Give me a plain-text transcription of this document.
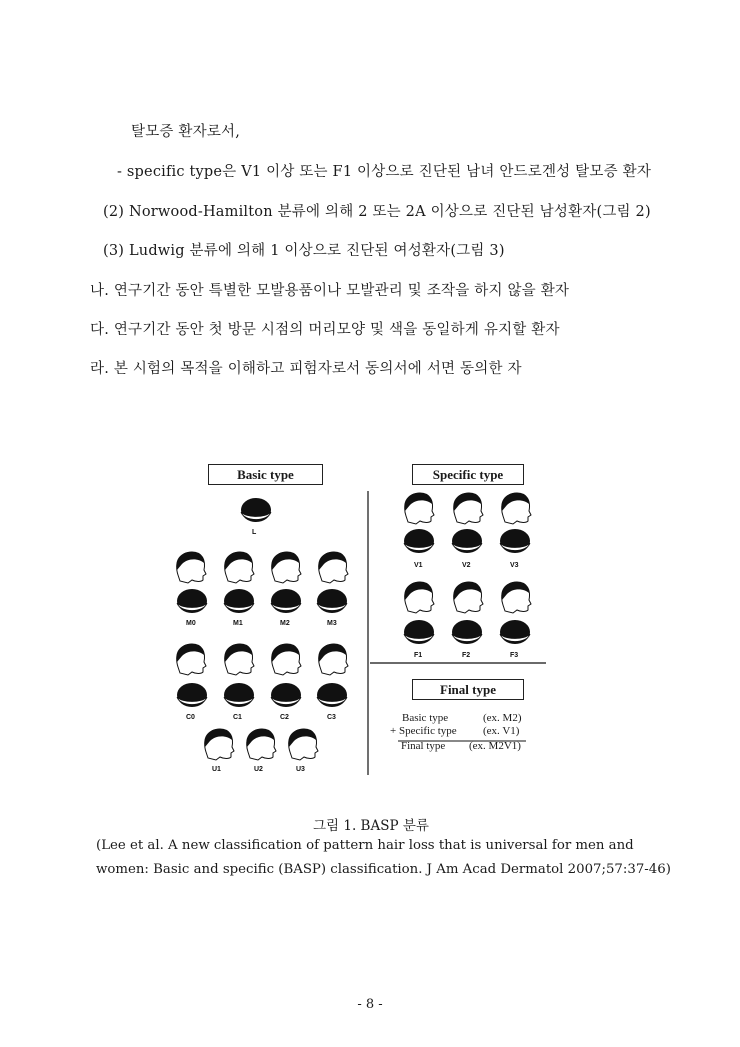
탈모증 환자로서,
- specific type은 V1 이상 또는 F1 이상으로 진단된 남녀 안드로겐성 탈모증 환자
(2) Norwood-Hamilton 분류에 의해 2 또는 2A 이상으로 진단된 남성환자(그림 2)
(3) Ludwig 분류에 의해 1 이상으로 진단된 여성환자(그림 3)
나. 연구기간 동안 특별한 모발용품이나 모발관리 및 조작을 하지 않을 환자
다. 연구기간 동안 첫 방문 시점의 머리모양 및 색을 동일하게 유지할 환자
라. 본 시험의 목적을 이해하고 피험자로서 동의서에 서면 동의한 자
Basic type	Specific type
Final type
L
M0	M1	M2	M3
C0	C1	C2	C3
U1	U2	U3
V1	V2	V3
F1	F2	F3
Basic type	(ex. M2)
+ Specific type (ex. V1)
Final type (ex. M2V1)
그림 1. BASP 분류
(Lee et al. A new classification of pattern hair loss that is universal for men and
women: Basic and specific (BASP) classification. J Am Acad Dermatol 2007;57:37-46)
- 8 -
